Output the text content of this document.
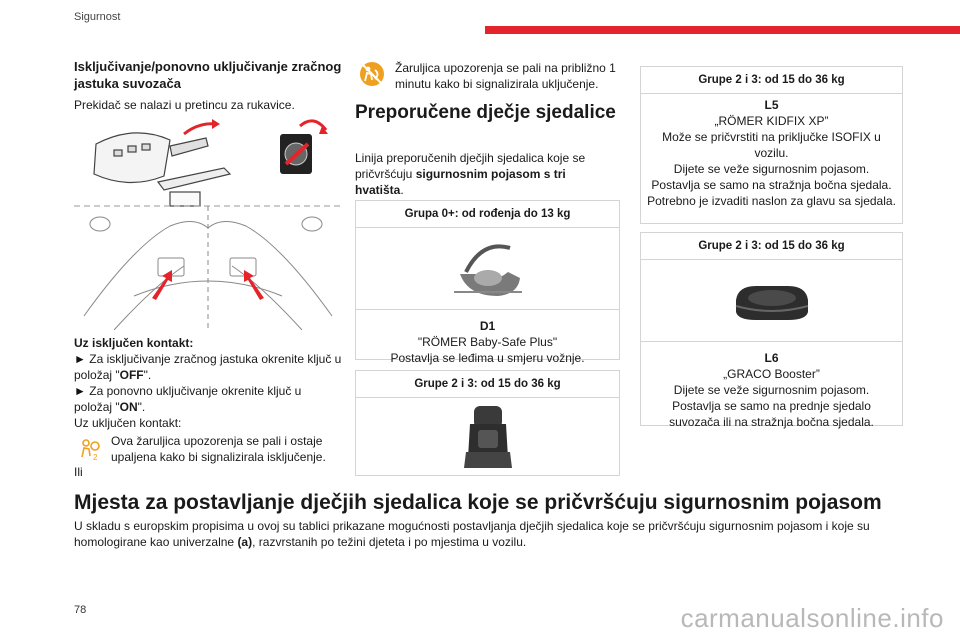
Sigurnost
Isključivanje/ponovno uključivanje zračnog jastuka suvozača

Prekidač se nalazi u pretincu za rukavice.

Uz isključen kontakt:
► Za isključivanje zračnog jastuka okrenite ključ u položaj "OFF".
► Za ponovno uključivanje okrenite ključ u položaj "ON".
Uz uključen kontakt:
2

Ova žaruljica upozorenja se pali i ostaje upaljena kako bi signalizirala isključenje.

Ili

Žaruljica upozorenja se pali na približno 1 minutu kako bi signalizirala uključenje.

Preporučene dječje sjedalice

Linija preporučenih dječjih sjedalica koje se pričvršćuju sigurnosnim pojasom s tri hvatišta.

Grupa 0+: od rođenja do 13 kg
D1
"RÖMER Baby-Safe Plus"
Postavlja se leđima u smjeru vožnje.
Grupe 2 i 3: od 15 do 36 kg
Grupe 2 i 3: od 15 do 36 kg
L5
„RÖMER KIDFIX XP”
Može se pričvrstiti na priključke ISOFIX u vozilu.
Dijete se veže sigurnosnim pojasom.
Postavlja se samo na stražnja bočna sjedala.
Potrebno je izvaditi naslon za glavu sa sjedala.
Grupe 2 i 3: od 15 do 36 kg
L6
„GRACO Booster”
Dijete se veže sigurnosnim pojasom.
Postavlja se samo na prednje sjedalo suvozača ili na stražnja bočna sjedala.
Mjesta za postavljanje dječjih sjedalica koje se pričvršćuju sigurnosnim pojasom

U skladu s europskim propisima u ovoj su tablici prikazane mogućnosti postavljanja dječjih sjedalica koje se pričvršćuju sigurnosnim pojasom i koje su homologirane kao univerzalne (a), razvrstanih po težini djeteta i po mjestima u vozilu.

78	carmanualsonline.info
